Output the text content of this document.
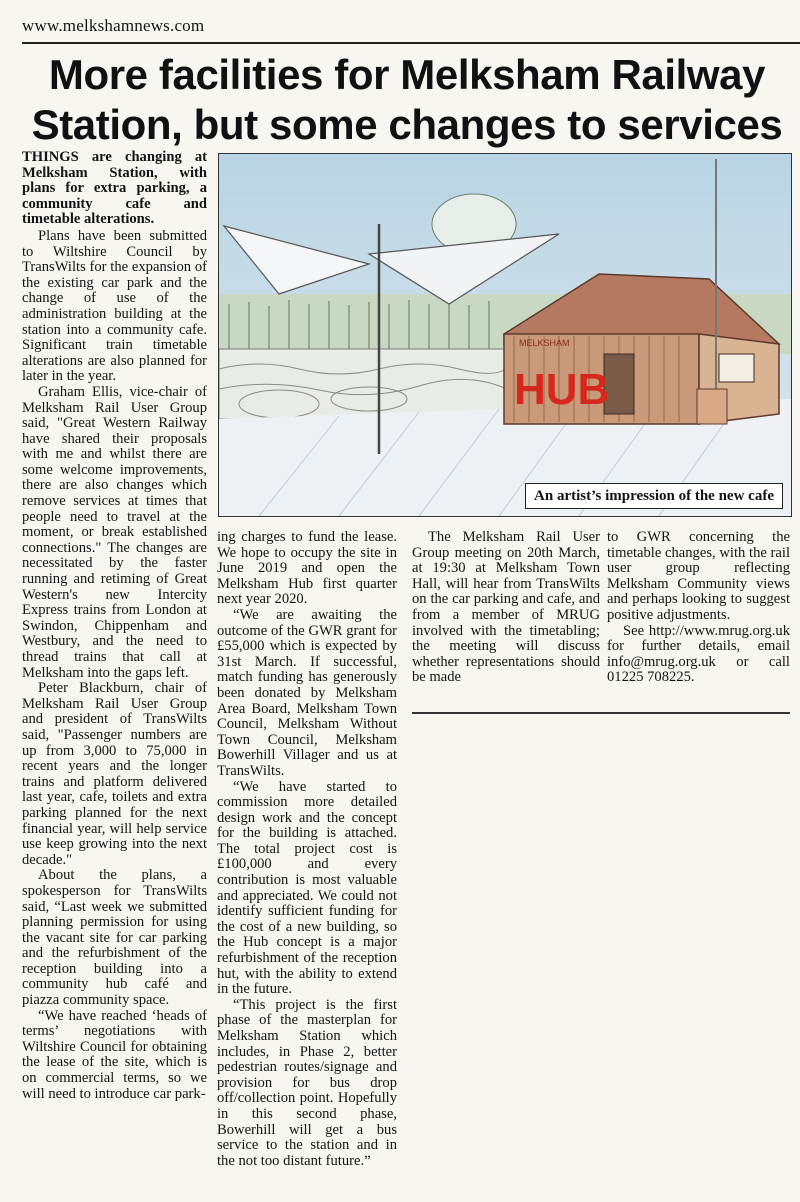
www.melkshamnews.com
More facilities for Melksham Railway Station, but some changes to services

THINGS are changing at Melksham Station, with plans for extra parking, a community cafe and timetable alterations.

Plans have been submitted to Wiltshire Council by TransWilts for the expansion of the existing car park and the change of use of the administration building at the station into a community cafe. Significant train timetable alterations are also planned for later in the year.

Graham Ellis, vice-chair of Melksham Rail User Group said, "Great Western Railway have shared their proposals with me and whilst there are some welcome improvements, there are also changes which remove services at times that people need to travel at the moment, or break established connections." The changes are necessitated by the faster running and retiming of Great Western's new Intercity Express trains from London at Swindon, Chippenham and Westbury, and the need to thread trains that call at Melksham into the gaps left.

Peter Blackburn, chair of Melksham Rail User Group and president of TransWilts said, "Passenger numbers are up from 3,000 to 75,000 in recent years and the longer trains and platform delivered last year, cafe, toilets and extra parking planned for the next financial year, will help service use keep growing into the next decade."

About the plans, a spokesperson for TransWilts said, “Last week we submitted planning permission for using the vacant site for car parking and the refurbishment of the reception building into a community hub café and piazza community space.

“We have reached ‘heads of terms’ negotiations with Wiltshire Council for obtaining the lease of the site, which is on commercial terms, so we will need to introduce car park-

MELKSHAM
HUB
An artist’s impression of the new cafe

ing charges to fund the lease. We hope to occupy the site in June 2019 and open the Melksham Hub first quarter next year 2020.

“We are awaiting the outcome of the GWR grant for £55,000 which is expected by 31st March. If successful, match funding has generously been donated by Melksham Area Board, Melksham Town Council, Melksham Without Town Council, Melksham Bowerhill Villager and us at TransWilts.

“We have started to commission more detailed design work and the concept for the building is attached. The total project cost is £100,000 and every contribution is most valuable and appreciated. We could not identify sufficient funding for the cost of a new building, so the Hub concept is a major refurbishment of the reception hut, with the ability to extend in the future.

“This project is the first phase of the masterplan for Melksham Station which includes, in Phase 2, better pedestrian routes/signage and provision for bus drop off/collection point. Hopefully in this second phase, Bowerhill will get a bus service to the station and in the not too distant future.”

The Melksham Rail User Group meeting on 20th March, at 19:30 at Melksham Town Hall, will hear from TransWilts on the car parking and cafe, and from a member of MRUG involved with the timetabling; the meeting will discuss whether representations should be made

to GWR concerning the timetable changes, with the rail user group reflecting Melksham Community views and perhaps looking to suggest positive adjustments.

See http://www.mrug.org.uk for further details, email info@mrug.org.uk or call 01225 708225.
